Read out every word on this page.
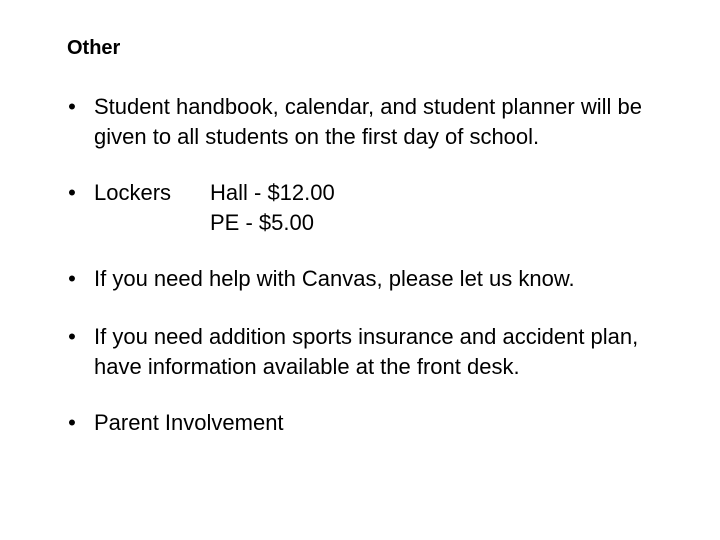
Other
• Student handbook, calendar, and student planner will be given to all students on the first day of school.
• Lockers Hall - $12.00
PE - $5.00
• If you need help with Canvas, please let us know.
• If you need addition sports insurance and accident plan, have information available at the front desk.
• Parent Involvement
